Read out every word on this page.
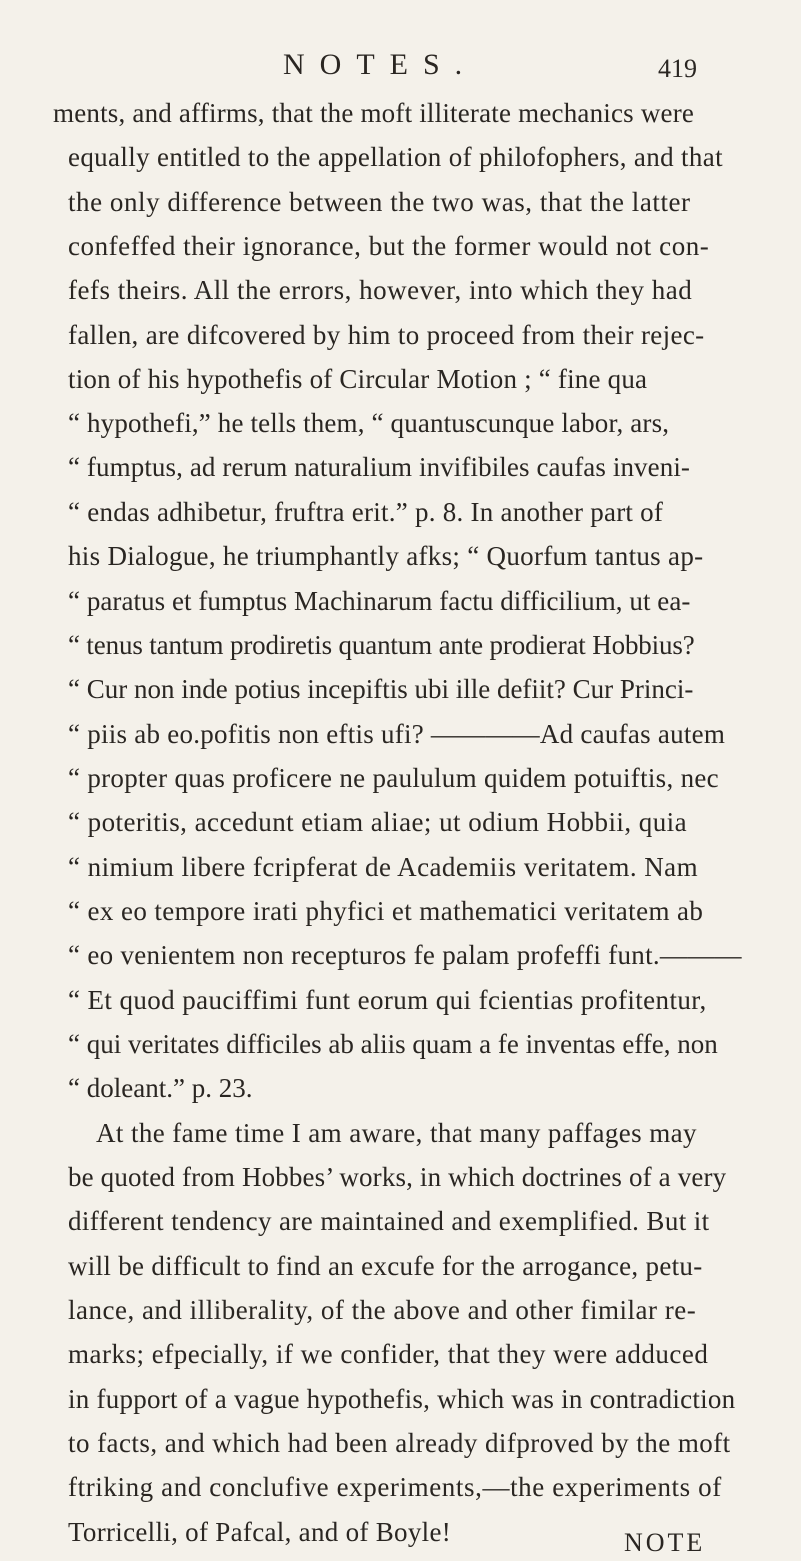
NOTES.	419
ments, and affirms, that the moft illiterate mechanics were
equally entitled to the appellation of philofophers, and that
the only difference between the two was, that the latter
confeffed their ignorance, but the former would not con-
fefs theirs. All the errors, however, into which they had
fallen, are difcovered by him to proceed from their rejec-
tion of his hypothefis of Circular Motion ; “ fine qua
“ hypothefi,” he tells them, “ quantuscunque labor, ars,
“ fumptus, ad rerum naturalium invifibiles caufas inveni-
“ endas adhibetur, fruftra erit.” p. 8. In another part of
his Dialogue, he triumphantly afks; “ Quorfum tantus ap-
“ paratus et fumptus Machinarum factu difficilium, ut ea-
“ tenus tantum prodiretis quantum ante prodierat Hobbius?
“ Cur non inde potius incepiftis ubi ille defiit? Cur Princi-
“ piis ab eo.pofitis non eftis ufi? ————Ad caufas autem
“ propter quas proficere ne paululum quidem potuiftis, nec
“ poteritis, accedunt etiam aliae; ut odium Hobbii, quia
“ nimium libere fcripferat de Academiis veritatem. Nam
“ ex eo tempore irati phyfici et mathematici veritatem ab
“ eo venientem non recepturos fe palam profeffi funt.———
“ Et quod pauciffimi funt eorum qui fcientias profitentur,
“ qui veritates difficiles ab aliis quam a fe inventas effe, non
“ doleant.” p. 23.
At the fame time I am aware, that many paffages may
be quoted from Hobbes’ works, in which doctrines of a very
different tendency are maintained and exemplified. But it
will be difficult to find an excufe for the arrogance, petu-
lance, and illiberality, of the above and other fimilar re-
marks; efpecially, if we confider, that they were adduced
in fupport of a vague hypothefis, which was in contradiction
to facts, and which had been already difproved by the moft
ftriking and conclufive experiments,—the experiments of
Torricelli, of Pafcal, and of Boyle!	NOTE
